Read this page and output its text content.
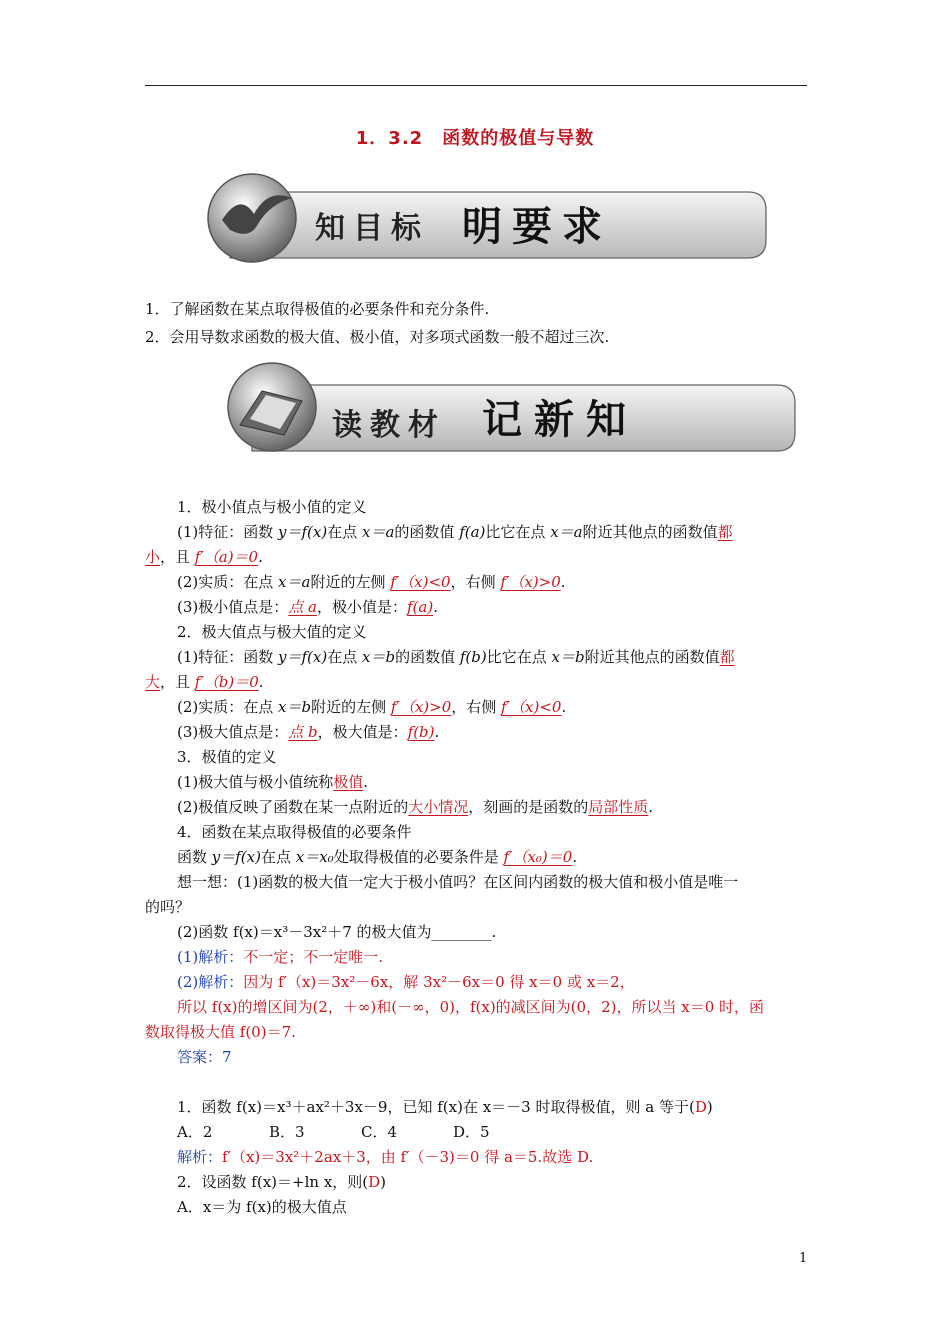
1．3.2　函数的极值与导数
知目标 明要求
1．了解函数在某点取得极值的必要条件和充分条件.
2．会用导数求函数的极大值、极小值，对多项式函数一般不超过三次.
读教材 记新知
1．极小值点与极小值的定义
(1)特征：函数 y＝f(x)在点 x＝a的函数值 f(a)比它在点 x＝a附近其他点的函数值都
小，且 f′（a)＝0.
(2)实质：在点 x＝a附近的左侧 f′（x)<0，右侧 f′（x)>0.
(3)极小值点是：点 a，极小值是：f(a).
2．极大值点与极大值的定义
(1)特征：函数 y＝f(x)在点 x＝b的函数值 f(b)比它在点 x＝b附近其他点的函数值都
大，且 f′（b)＝0.
(2)实质：在点 x＝b附近的左侧 f′（x)>0，右侧 f′（x)<0.
(3)极大值点是：点 b，极大值是：f(b).
3．极值的定义
(1)极大值与极小值统称极值.
(2)极值反映了函数在某一点附近的大小情况，刻画的是函数的局部性质.
4．函数在某点取得极值的必要条件
函数 y＝f(x)在点 x＝x₀处取得极值的必要条件是 f′（x₀)＝0.
想一想：(1)函数的极大值一定大于极小值吗？在区间内函数的极大值和极小值是唯一
的吗？
(2)函数 f(x)＝x³－3x²＋7 的极大值为________.
(1)解析：不一定；不一定唯一.
(2)解析：因为 f′（x)＝3x²－6x，解 3x²－6x＝0 得 x＝0 或 x＝2，
所以 f(x)的增区间为(2，＋∞)和(－∞，0)，f(x)的减区间为(0，2)，所以当 x＝0 时，函
数取得极大值 f(0)＝7.
答案：7
1．函数 f(x)＝x³＋ax²＋3x－9，已知 f(x)在 x＝－3 时取得极值，则 a 等于(D)
A．2	B．3	C．4	D．5
解析：f′（x)＝3x²＋2ax＋3，由 f′（－3)＝0 得 a＝5.故选 D.
2．设函数 f(x)＝+ln x，则(D)
A．x＝为 f(x)的极大值点
1
